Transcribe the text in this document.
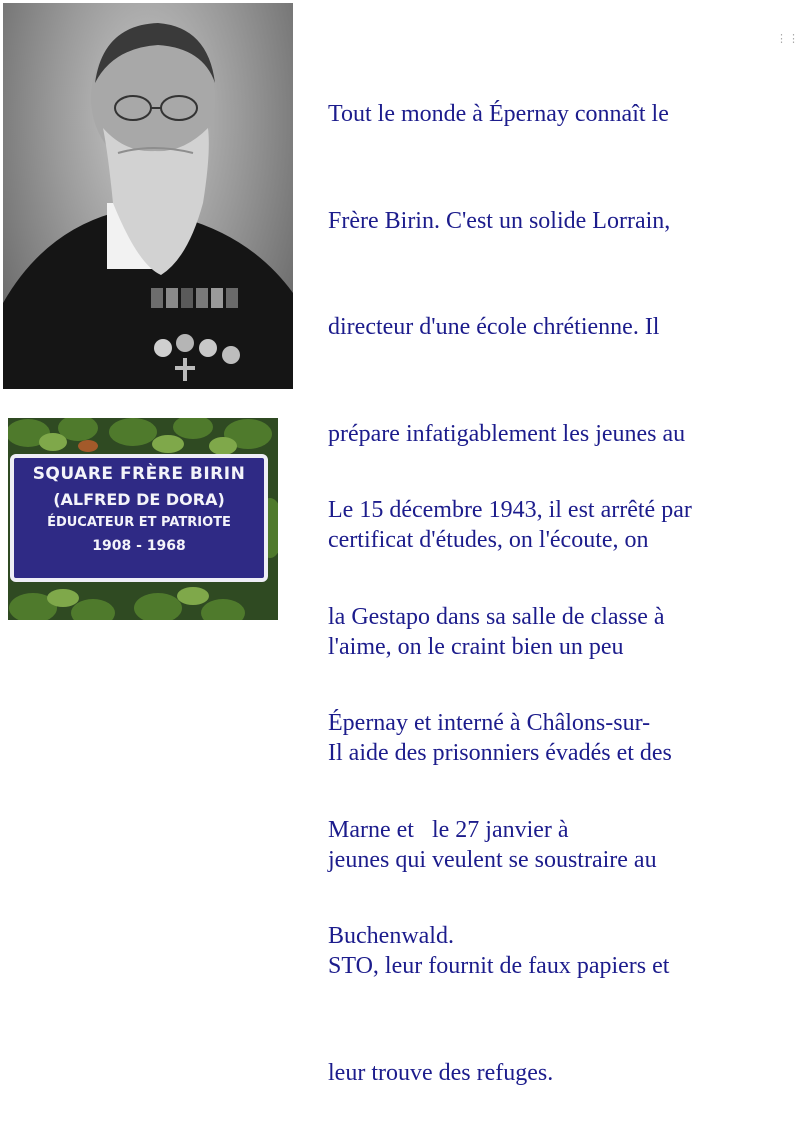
SQUARE FRÈRE BIRIN
(ALFRED DE DORA)
ÉDUCATEUR ET PATRIOTE
1908 - 1968

Tout le monde à Épernay connaît le

Frère Birin. C'est un solide Lorrain,

directeur d'une école chrétienne. Il

prépare infatigablement les jeunes au

certificat d'études, on l'écoute, on

l'aime, on le craint bien un peu

Il aide des prisonniers évadés et des

jeunes qui veulent se soustraire au

STO, leur fournit de faux papiers et

leur trouve des refuges.

Le 15 décembre 1943, il est arrêté par

la Gestapo dans sa salle de classe à

Épernay et interné à Châlons-sur-

Marne et   le 27 janvier à

Buchenwald.

⋮⋮
